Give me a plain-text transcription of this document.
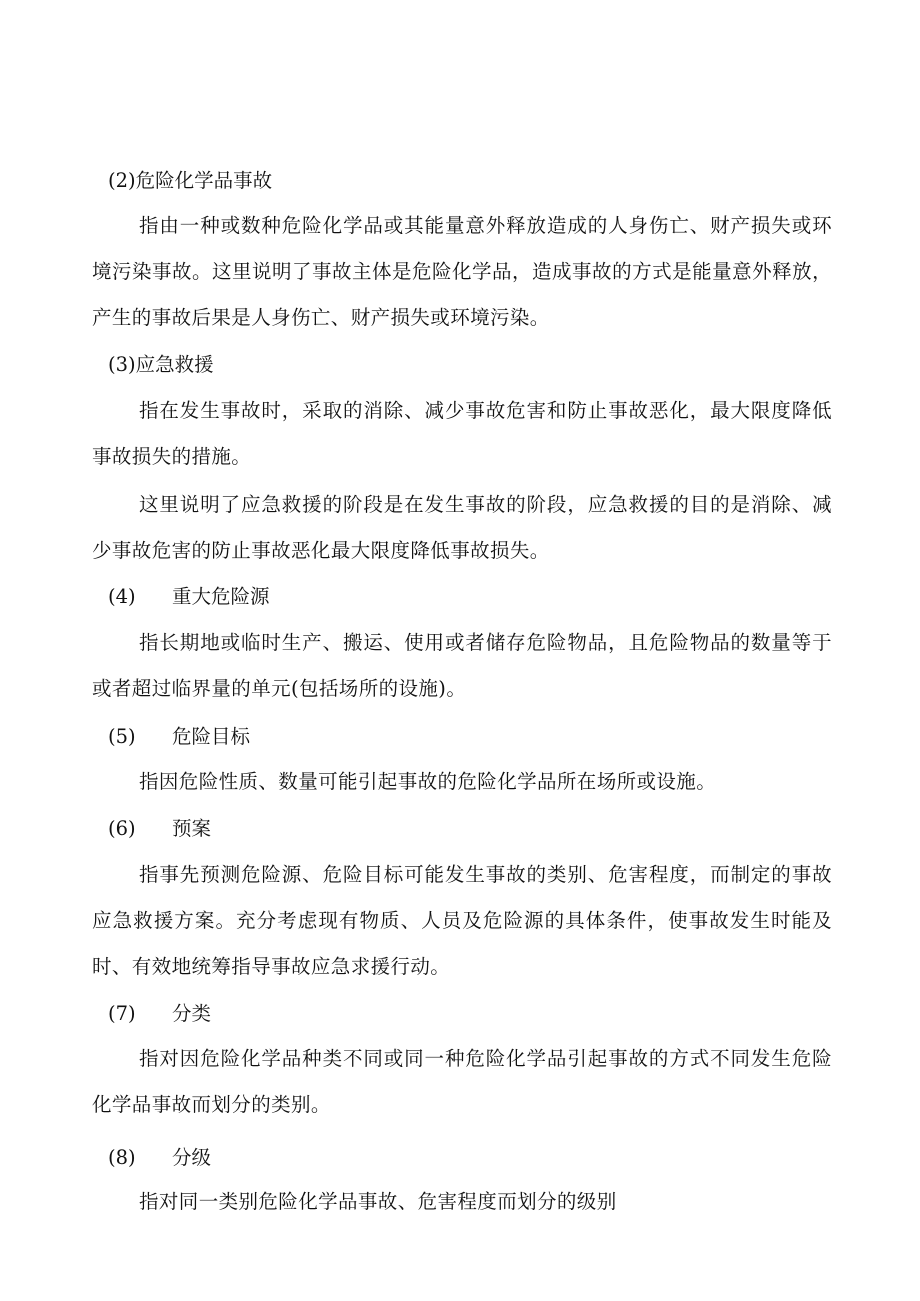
(2)危险化学品事故
指由一种或数种危险化学品或其能量意外释放造成的人身伤亡、财产损失或环境污染事故。这里说明了事故主体是危险化学品，造成事故的方式是能量意外释放，产生的事故后果是人身伤亡、财产损失或环境污染。
(3)应急救援
指在发生事故时，采取的消除、减少事故危害和防止事故恶化，最大限度降低事故损失的措施。
这里说明了应急救援的阶段是在发生事故的阶段，应急救援的目的是消除、减少事故危害的防止事故恶化最大限度降低事故损失。
(4) 重大危险源
指长期地或临时生产、搬运、使用或者储存危险物品，且危险物品的数量等于或者超过临界量的单元(包括场所的设施)。
(5) 危险目标
指因危险性质、数量可能引起事故的危险化学品所在场所或设施。
(6) 预案
指事先预测危险源、危险目标可能发生事故的类别、危害程度，而制定的事故应急救援方案。充分考虑现有物质、人员及危险源的具体条件，使事故发生时能及时、有效地统筹指导事故应急求援行动。
(7) 分类
指对因危险化学品种类不同或同一种危险化学品引起事故的方式不同发生危险化学品事故而划分的类别。
(8) 分级
指对同一类别危险化学品事故、危害程度而划分的级别
